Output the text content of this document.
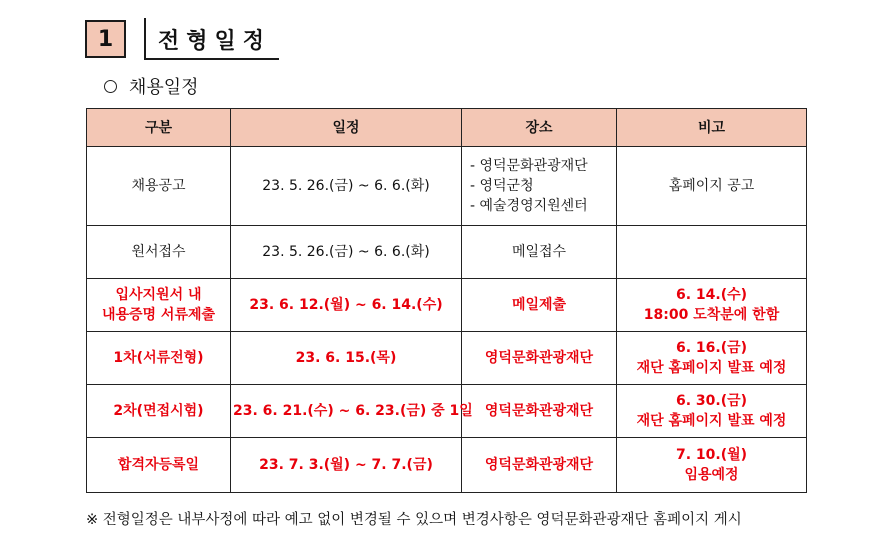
1	전형일정
채용일정
구분	일정	장소	비고

채용공고	23. 5. 26.(금) ~ 6. 6.(화)	- 영덕문화관광재단
- 영덕군청
- 예술경영지원센터	홈페이지 공고

원서접수	23. 5. 26.(금) ~ 6. 6.(화)	메일접수	

입사지원서 내
내용증명 서류제출	23. 6. 12.(월) ~ 6. 14.(수)	메일제출	6. 14.(수)
18:00 도착분에 한함

1차(서류전형)	23. 6. 15.(목)	영덕문화관광재단	6. 16.(금)
재단 홈페이지 발표 예정

2차(면접시험)	23. 6. 21.(수) ~ 6. 23.(금) 중 1일	영덕문화관광재단	6. 30.(금)
재단 홈페이지 발표 예정

합격자등록일	23. 7. 3.(월) ~ 7. 7.(금)	영덕문화관광재단	7. 10.(월)
임용예정
※ 전형일정은 내부사정에 따라 예고 없이 변경될 수 있으며 변경사항은 영덕문화관광재단 홈페이지 게시
